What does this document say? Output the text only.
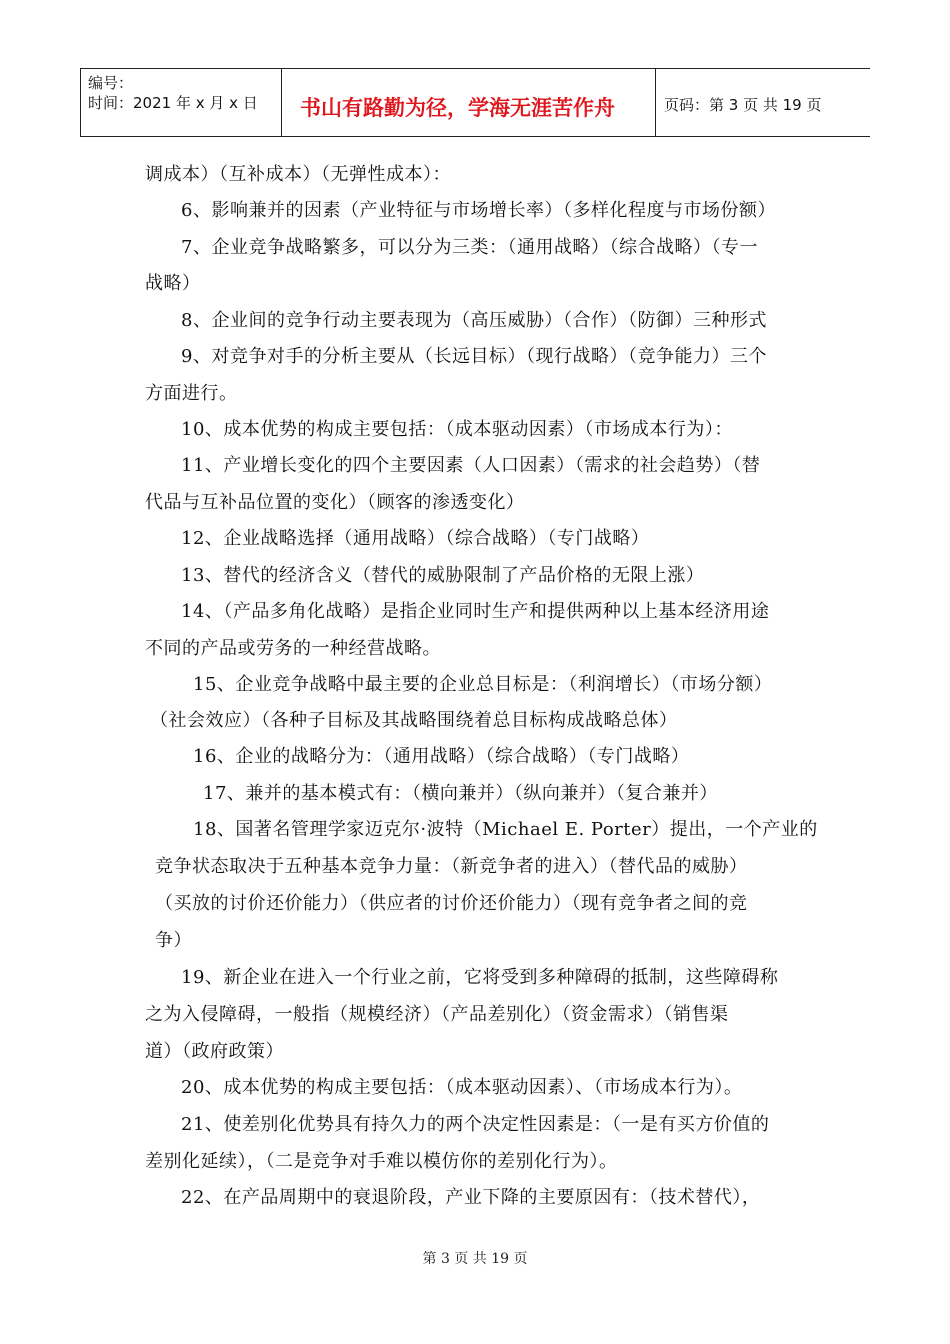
编号：
时间：2021 年 x 月 x 日 书山有路勤为径，学海无涯苦作舟	页码：第 3 页 共 19 页
调成本）（互补成本）（无弹性成本）：
6、影响兼并的因素（产业特征与市场增长率）（多样化程度与市场份额）
7、企业竞争战略繁多，可以分为三类：（通用战略）（综合战略）（专一
战略）
8、企业间的竞争行动主要表现为（高压威胁）（合作）（防御）三种形式
9、对竞争对手的分析主要从（长远目标）（现行战略）（竞争能力）三个
方面进行。
10、成本优势的构成主要包括：（成本驱动因素）（市场成本行为）：
11、产业增长变化的四个主要因素（人口因素）（需求的社会趋势）（替
代品与互补品位置的变化）（顾客的渗透变化）
12、企业战略选择（通用战略）（综合战略）（专门战略）
13、替代的经济含义（替代的威胁限制了产品价格的无限上涨）
14、（产品多角化战略）是指企业同时生产和提供两种以上基本经济用途
不同的产品或劳务的一种经营战略。
15、企业竞争战略中最主要的企业总目标是：（利润增长）（市场分额）
（社会效应）（各种子目标及其战略围绕着总目标构成战略总体）
16、企业的战略分为：（通用战略）（综合战略）（专门战略）
17、兼并的基本模式有：（横向兼并）（纵向兼并）（复合兼并）
18、国著名管理学家迈克尔·波特（Michael E. Porter）提出，一个产业的
竞争状态取决于五种基本竞争力量：（新竞争者的进入）（替代品的威胁）
（买放的讨价还价能力）（供应者的讨价还价能力）（现有竞争者之间的竞
争）
19、新企业在进入一个行业之前，它将受到多种障碍的抵制，这些障碍称
之为入侵障碍，一般指（规模经济）（产品差别化）（资金需求）（销售渠
道）（政府政策）
20、成本优势的构成主要包括：（成本驱动因素）、（市场成本行为）。
21、使差别化优势具有持久力的两个决定性因素是：（一是有买方价值的
差别化延续），（二是竞争对手难以模仿你的差别化行为）。
22、在产品周期中的衰退阶段，产业下降的主要原因有：（技术替代），
第 3 页 共 19 页
